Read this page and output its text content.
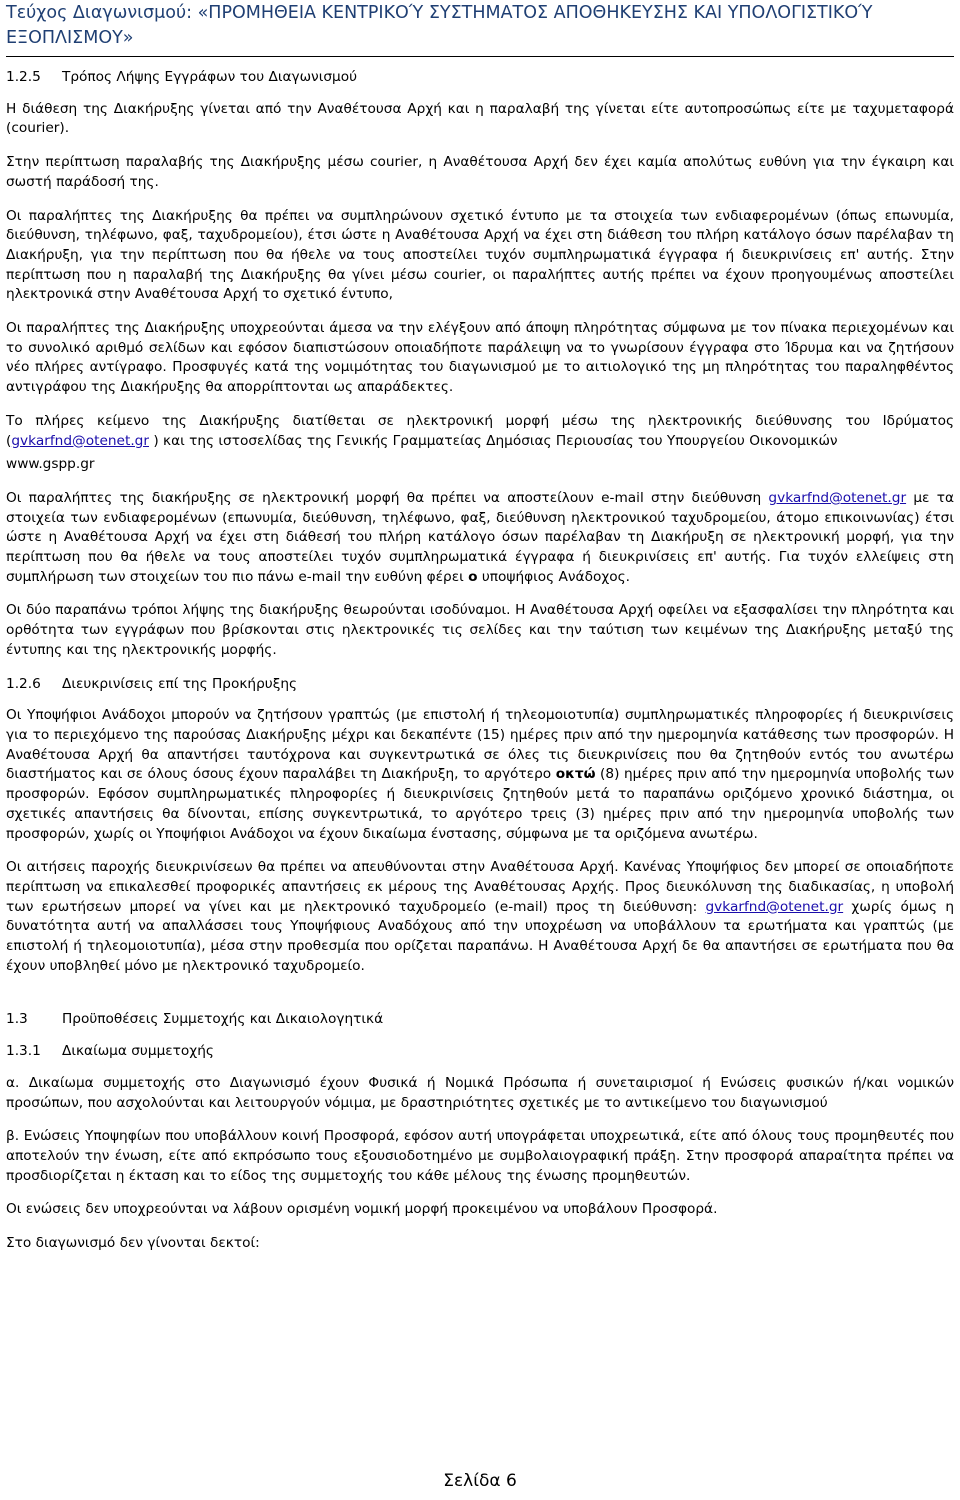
Τεύχος Διαγωνισμού: «ΠΡΟΜΗΘΕΙΑ ΚΕΝΤΡΙΚΟΎ ΣΥΣΤΗΜΑΤΟΣ ΑΠΟΘΗΚΕΥΣΗΣ ΚΑΙ ΥΠΟΛΟΓΙΣΤΙΚΟΎ ΕΞΟΠΛΙΣΜΟΥ»
1.2.5 Τρόπος Λήψης Εγγράφων του Διαγωνισμού

Η διάθεση της Διακήρυξης γίνεται από την Αναθέτουσα Αρχή και η παραλαβή της γίνεται είτε αυτοπροσώπως είτε με ταχυμεταφορά (courier).

Στην περίπτωση παραλαβής της Διακήρυξης μέσω courier, η Αναθέτουσα Αρχή δεν έχει καμία απολύτως ευθύνη για την έγκαιρη και σωστή παράδοσή της.

Οι παραλήπτες της Διακήρυξης θα πρέπει να συμπληρώνουν σχετικό έντυπο με τα στοιχεία των ενδιαφερομένων (όπως επωνυμία, διεύθυνση, τηλέφωνο, φαξ, ταχυδρομείου), έτσι ώστε η Αναθέτουσα Αρχή να έχει στη διάθεση του πλήρη κατάλογο όσων παρέλαβαν τη Διακήρυξη, για την περίπτωση που θα ήθελε να τους αποστείλει τυχόν συμπληρωματικά έγγραφα ή διευκρινίσεις επ' αυτής. Στην περίπτωση που η παραλαβή της Διακήρυξης θα γίνει μέσω courier, οι παραλήπτες αυτής πρέπει να έχουν προηγουμένως αποστείλει ηλεκτρονικά στην Αναθέτουσα Αρχή το σχετικό έντυπο,

Οι παραλήπτες της Διακήρυξης υποχρεούνται άμεσα να την ελέγξουν από άποψη πληρότητας σύμφωνα με τον πίνακα περιεχομένων και το συνολικό αριθμό σελίδων και εφόσον διαπιστώσουν οποιαδήποτε παράλειψη να το γνωρίσουν έγγραφα στο Ίδρυμα και να ζητήσουν νέο πλήρες αντίγραφο. Προσφυγές κατά της νομιμότητας του διαγωνισμού με το αιτιολογικό της μη πληρότητας του παραληφθέντος αντιγράφου της Διακήρυξης θα απορρίπτονται ως απαράδεκτες.

Το πλήρες κείμενο της Διακήρυξης διατίθεται σε ηλεκτρονική μορφή μέσω της ηλεκτρονικής διεύθυνσης του Ιδρύματος (gvkarfnd@otenet.gr ) και της ιστοσελίδας της Γενικής Γραμματείας Δημόσιας Περιουσίας του Υπουργείου Οικονομικών

www.gspp.gr

Οι παραλήπτες της διακήρυξης σε ηλεκτρονική μορφή θα πρέπει να αποστείλουν e-mail στην διεύθυνση gvkarfnd@otenet.gr με τα στοιχεία των ενδιαφερομένων (επωνυμία, διεύθυνση, τηλέφωνο, φαξ, διεύθυνση ηλεκτρονικού ταχυδρομείου, άτομο επικοινωνίας) έτσι ώστε η Αναθέτουσα Αρχή να έχει στη διάθεσή του πλήρη κατάλογο όσων παρέλαβαν τη Διακήρυξη σε ηλεκτρονική μορφή, για την περίπτωση που θα ήθελε να τους αποστείλει τυχόν συμπληρωματικά έγγραφα ή διευκρινίσεις επ' αυτής. Για τυχόν ελλείψεις στη συμπλήρωση των στοιχείων του πιο πάνω e-mail την ευθύνη φέρει ο υποψήφιος Ανάδοχος.

Οι δύο παραπάνω τρόποι λήψης της διακήρυξης θεωρούνται ισοδύναμοι. Η Αναθέτουσα Αρχή οφείλει να εξασφαλίσει την πληρότητα και ορθότητα των εγγράφων που βρίσκονται στις ηλεκτρονικές τις σελίδες και την ταύτιση των κειμένων της Διακήρυξης μεταξύ της έντυπης και της ηλεκτρονικής μορφής.

1.2.6 Διευκρινίσεις επί της Προκήρυξης

Οι Υποψήφιοι Ανάδοχοι μπορούν να ζητήσουν γραπτώς (με επιστολή ή τηλεομοιοτυπία) συμπληρωματικές πληροφορίες ή διευκρινίσεις για το περιεχόμενο της παρούσας Διακήρυξης μέχρι και δεκαπέντε (15) ημέρες πριν από την ημερομηνία κατάθεσης των προσφορών. Η Αναθέτουσα Αρχή θα απαντήσει ταυτόχρονα και συγκεντρωτικά σε όλες τις διευκρινίσεις που θα ζητηθούν εντός του ανωτέρω διαστήματος και σε όλους όσους έχουν παραλάβει τη Διακήρυξη, το αργότερο οκτώ (8) ημέρες πριν από την ημερομηνία υποβολής των προσφορών. Εφόσον συμπληρωματικές πληροφορίες ή διευκρινίσεις ζητηθούν μετά το παραπάνω οριζόμενο χρονικό διάστημα, οι σχετικές απαντήσεις θα δίνονται, επίσης συγκεντρωτικά, το αργότερο τρεις (3) ημέρες πριν από την ημερομηνία υποβολής των προσφορών, χωρίς οι Υποψήφιοι Ανάδοχοι να έχουν δικαίωμα ένστασης, σύμφωνα με τα οριζόμενα ανωτέρω.

Οι αιτήσεις παροχής διευκρινίσεων θα πρέπει να απευθύνονται στην Αναθέτουσα Αρχή. Κανένας Υποψήφιος δεν μπορεί σε οποιαδήποτε περίπτωση να επικαλεσθεί προφορικές απαντήσεις εκ μέρους της Αναθέτουσας Αρχής. Προς διευκόλυνση της διαδικασίας, η υποβολή των ερωτήσεων μπορεί να γίνει και με ηλεκτρονικό ταχυδρομείο (e-mail) προς τη διεύθυνση: gvkarfnd@otenet.gr χωρίς όμως η δυνατότητα αυτή να απαλλάσσει τους Υποψήφιους Αναδόχους από την υποχρέωση να υποβάλλουν τα ερωτήματα και γραπτώς (με επιστολή ή τηλεομοιοτυπία), μέσα στην προθεσμία που ορίζεται παραπάνω. Η Αναθέτουσα Αρχή δε θα απαντήσει σε ερωτήματα που θα έχουν υποβληθεί μόνο με ηλεκτρονικό ταχυδρομείο.

1.3 Προϋποθέσεις Συμμετοχής και Δικαιολογητικά
1.3.1 Δικαίωμα συμμετοχής

α. Δικαίωμα συμμετοχής στο Διαγωνισμό έχουν Φυσικά ή Νομικά Πρόσωπα ή συνεταιρισμοί ή Ενώσεις φυσικών ή/και νομικών προσώπων, που ασχολούνται και λειτουργούν νόμιμα, με δραστηριότητες σχετικές με το αντικείμενο του διαγωνισμού

β. Ενώσεις Υποψηφίων που υποβάλλουν κοινή Προσφορά, εφόσον αυτή υπογράφεται υποχρεωτικά, είτε από όλους τους προμηθευτές που αποτελούν την ένωση, είτε από εκπρόσωπο τους εξουσιοδοτημένο με συμβολαιογραφική πράξη. Στην προσφορά απαραίτητα πρέπει να προσδιορίζεται η έκταση και το είδος της συμμετοχής του κάθε μέλους της ένωσης προμηθευτών.

Οι ενώσεις δεν υποχρεούνται να λάβουν ορισμένη νομική μορφή προκειμένου να υποβάλουν Προσφορά.

Στο διαγωνισμό δεν γίνονται δεκτοί:

Σελίδα 6
